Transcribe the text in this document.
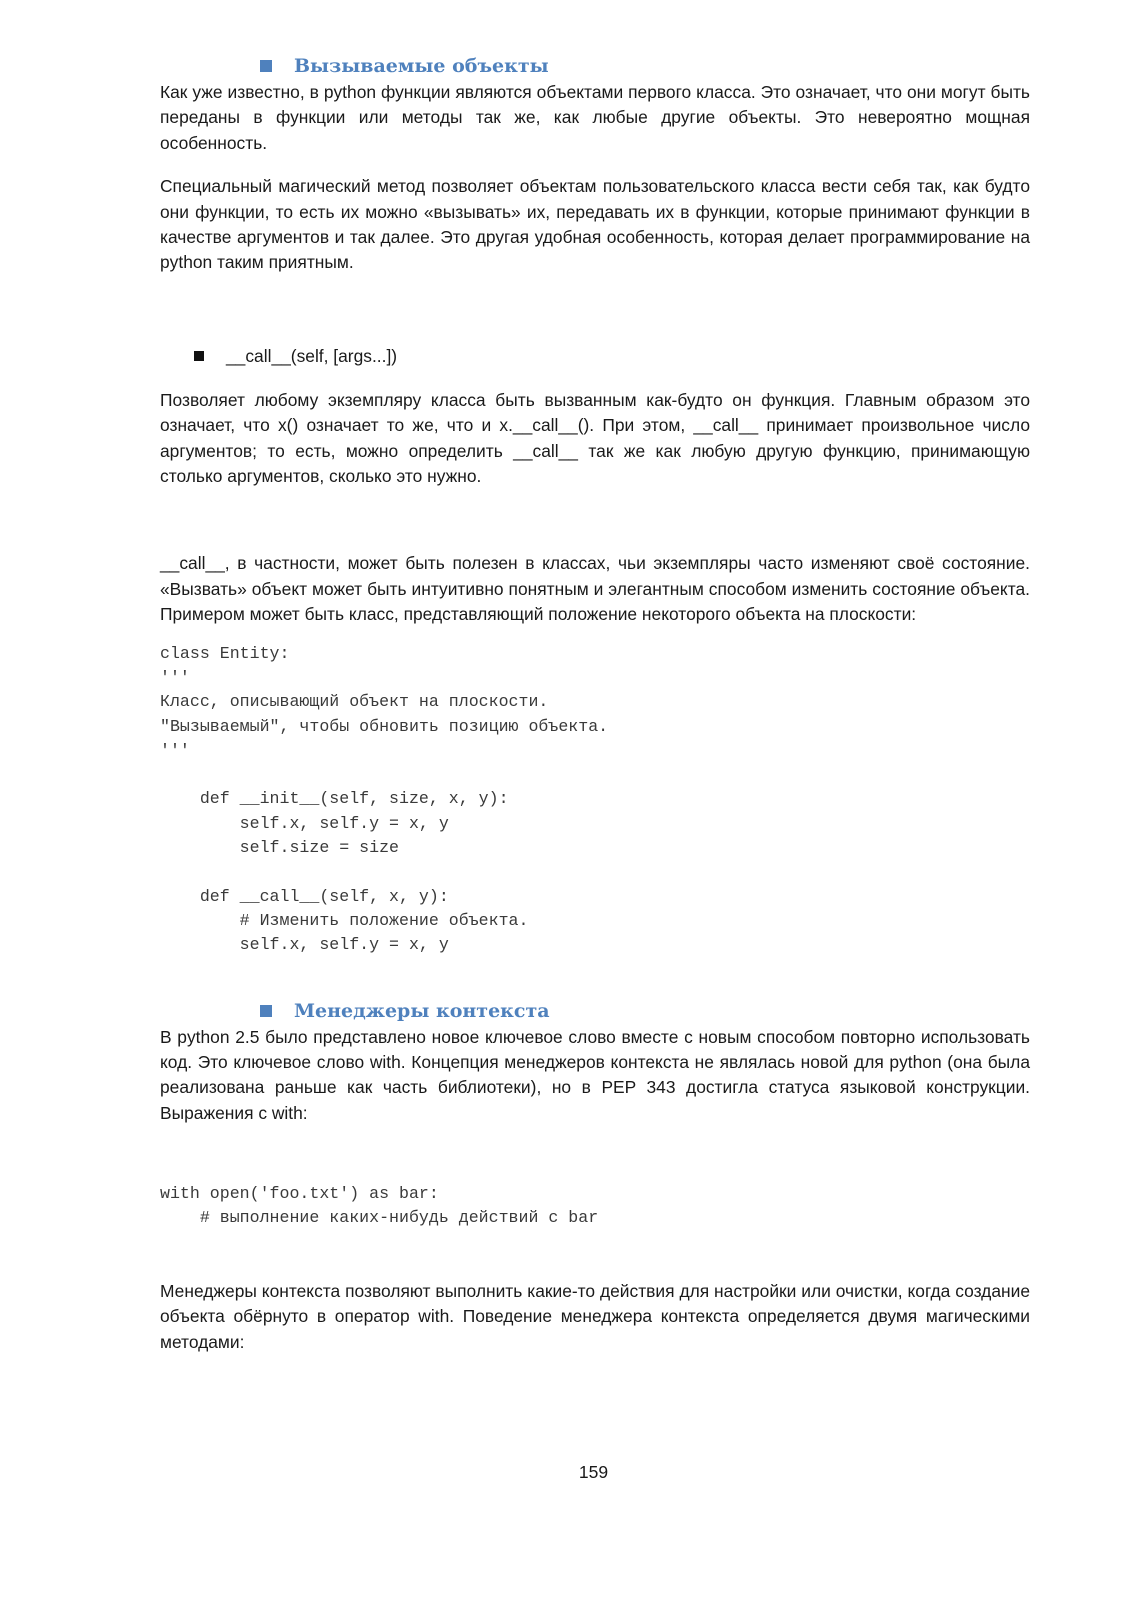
Вызываемые объекты

Как уже известно, в python функции являются объектами первого класса. Это означает, что они могут быть переданы в функции или методы так же, как любые другие объекты. Это невероятно мощная особенность.

Специальный магический метод позволяет объектам пользовательского класса вести себя так, как будто они функции, то есть их можно «вызывать» их, передавать их в функции, которые принимают функции в качестве аргументов и так далее. Это другая удобная особенность, которая делает программирование на python таким приятным.

__call__(self, [args...])

Позволяет любому экземпляру класса быть вызванным как-будто он функция. Главным образом это означает, что x() означает то же, что и x.__call__(). При этом, __call__ принимает произвольное число аргументов; то есть, можно определить __call__ так же как любую другую функцию, принимающую столько аргументов, сколько это нужно.

__call__, в частности, может быть полезен в классах, чьи экземпляры часто изменяют своё состояние. «Вызвать» объект может быть интуитивно понятным и элегантным способом изменить состояние объекта. Примером может быть класс, представляющий положение некоторого объекта на плоскости:

class Entity:
'''
Класс, описывающий объект на плоскости.
"Вызываемый", чтобы обновить позицию объекта.
'''

def __init__(self, size, x, y):
self.x, self.y = x, y
self.size = size

def __call__(self, x, y):
# Изменить положение объекта.
self.x, self.y = x, y
Менеджеры контекста

В python 2.5 было представлено новое ключевое слово вместе с новым способом повторно использовать код. Это ключевое слово with. Концепция менеджеров контекста не являлась новой для python (она была реализована раньше как часть библиотеки), но в PEP 343 достигла статуса языковой конструкции. Выражения с with:

with open('foo.txt') as bar:
# выполнение каких-нибудь действий с bar

Менеджеры контекста позволяют выполнить какие-то действия для настройки или очистки, когда создание объекта обёрнуто в оператор with. Поведение менеджера контекста определяется двумя магическими методами:

159
